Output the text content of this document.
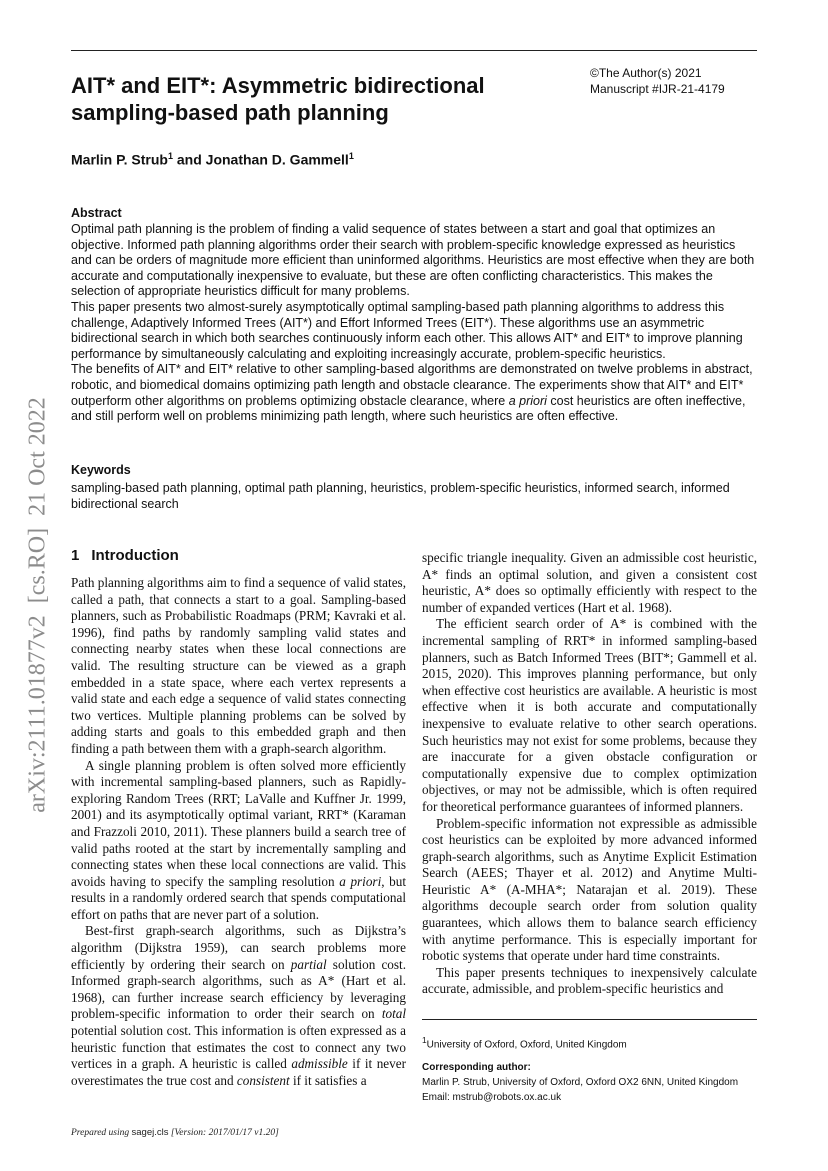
AIT* and EIT*: Asymmetric bidirectional sampling-based path planning
©The Author(s) 2021
Manuscript #IJR-21-4179
Marlin P. Strub$^1$ and Jonathan D. Gammell$^1$
Abstract

Optimal path planning is the problem of finding a valid sequence of states between a start and goal that optimizes an objective. Informed path planning algorithms order their search with problem-specific knowledge expressed as heuristics and can be orders of magnitude more efficient than uninformed algorithms. Heuristics are most effective when they are both accurate and computationally inexpensive to evaluate, but these are often conflicting characteristics. This makes the selection of appropriate heuristics difficult for many problems.

This paper presents two almost-surely asymptotically optimal sampling-based path planning algorithms to address this challenge, Adaptively Informed Trees (AIT*) and Effort Informed Trees (EIT*). These algorithms use an asymmetric bidirectional search in which both searches continuously inform each other. This allows AIT* and EIT* to improve planning performance by simultaneously calculating and exploiting increasingly accurate, problem-specific heuristics.

The benefits of AIT* and EIT* relative to other sampling-based algorithms are demonstrated on twelve problems in abstract, robotic, and biomedical domains optimizing path length and obstacle clearance. The experiments show that AIT* and EIT* outperform other algorithms on problems optimizing obstacle clearance, where a priori cost heuristics are often ineffective, and still perform well on problems minimizing path length, where such heuristics are often effective.

Keywords
sampling-based path planning, optimal path planning, heuristics, problem-specific heuristics, informed search, informed bidirectional search
1 Introduction

Path planning algorithms aim to find a sequence of valid states, called a path, that connects a start to a goal. Sampling-based planners, such as Probabilistic Roadmaps (PRM; Kavraki et al. 1996), find paths by randomly sampling valid states and connecting nearby states when these local connections are valid. The resulting structure can be viewed as a graph embedded in a state space, where each vertex represents a valid state and each edge a sequence of valid states connecting two vertices. Multiple planning problems can be solved by adding starts and goals to this embedded graph and then finding a path between them with a graph-search algorithm.

A single planning problem is often solved more efficiently with incremental sampling-based planners, such as Rapidly-exploring Random Trees (RRT; LaValle and Kuffner Jr. 1999, 2001) and its asymptotically optimal variant, RRT* (Karaman and Frazzoli 2010, 2011). These planners build a search tree of valid paths rooted at the start by incrementally sampling and connecting states when these local connections are valid. This avoids having to specify the sampling resolution a priori, but results in a randomly ordered search that spends computational effort on paths that are never part of a solution.

Best-first graph-search algorithms, such as Dijkstra’s algorithm (Dijkstra 1959), can search problems more efficiently by ordering their search on partial solution cost. Informed graph-search algorithms, such as A* (Hart et al. 1968), can further increase search efficiency by leveraging problem-specific information to order their search on total potential solution cost. This information is often expressed as a heuristic function that estimates the cost to connect any two vertices in a graph. A heuristic is called admissible if it never overestimates the true cost and consistent if it satisfies a

specific triangle inequality. Given an admissible cost heuristic, A* finds an optimal solution, and given a consistent cost heuristic, A* does so optimally efficiently with respect to the number of expanded vertices (Hart et al. 1968).

The efficient search order of A* is combined with the incremental sampling of RRT* in informed sampling-based planners, such as Batch Informed Trees (BIT*; Gammell et al. 2015, 2020). This improves planning performance, but only when effective cost heuristics are available. A heuristic is most effective when it is both accurate and computationally inexpensive to evaluate relative to other search operations. Such heuristics may not exist for some problems, because they are inaccurate for a given obstacle configuration or computationally expensive due to complex optimization objectives, or may not be admissible, which is often required for theoretical performance guarantees of informed planners.

Problem-specific information not expressible as admissible cost heuristics can be exploited by more advanced informed graph-search algorithms, such as Anytime Explicit Estimation Search (AEES; Thayer et al. 2012) and Anytime Multi-Heuristic A* (A-MHA*; Natarajan et al. 2019). These algorithms decouple search order from solution quality guarantees, which allows them to balance search efficiency with anytime performance. This is especially important for robotic systems that operate under hard time constraints.

This paper presents techniques to inexpensively calculate accurate, admissible, and problem-specific heuristics and

$^1$University of Oxford, Oxford, United Kingdom

Corresponding author:

Marlin P. Strub, University of Oxford, Oxford OX2 6NN, United Kingdom

Email: mstrub@robots.ox.ac.uk

Prepared using sagej.cls [Version: 2017/01/17 v1.20]
arXiv:2111.01877v2  [cs.RO]  21 Oct 2022
